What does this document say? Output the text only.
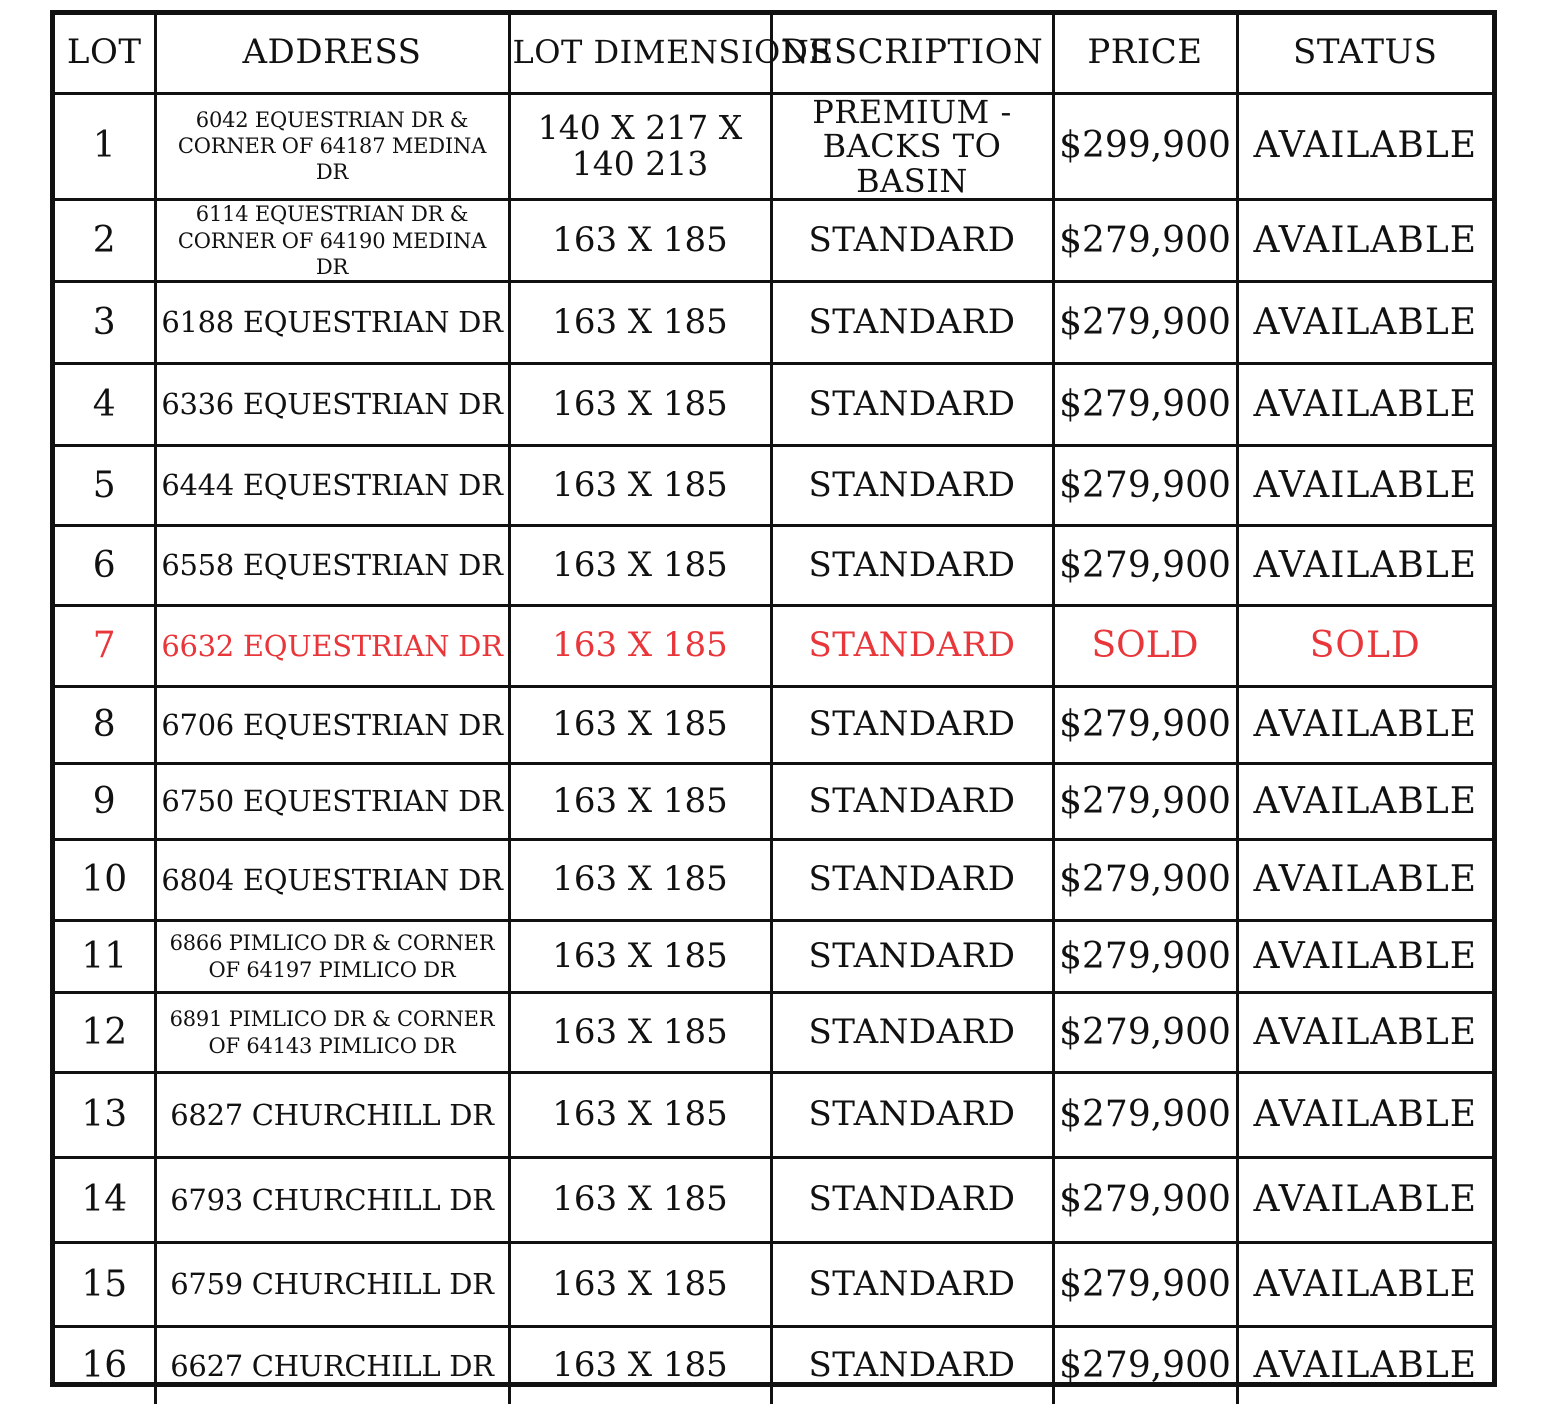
LOT	ADDRESS	LOT DIMENSIONS	DESCRIPTION	PRICE	STATUS
1	6042 EQUESTRIAN DR & CORNER OF 64187 MEDINA DR	140 X 217 X 140 213	PREMIUM - BACKS TO BASIN	$299,900	AVAILABLE
2	6114 EQUESTRIAN DR & CORNER OF 64190 MEDINA DR	163 X 185	STANDARD	$279,900	AVAILABLE
3	6188 EQUESTRIAN DR	163 X 185	STANDARD	$279,900	AVAILABLE
4	6336 EQUESTRIAN DR	163 X 185	STANDARD	$279,900	AVAILABLE
5	6444 EQUESTRIAN DR	163 X 185	STANDARD	$279,900	AVAILABLE
6	6558 EQUESTRIAN DR	163 X 185	STANDARD	$279,900	AVAILABLE
7	6632 EQUESTRIAN DR	163 X 185	STANDARD	SOLD	SOLD
8	6706 EQUESTRIAN DR	163 X 185	STANDARD	$279,900	AVAILABLE
9	6750 EQUESTRIAN DR	163 X 185	STANDARD	$279,900	AVAILABLE
10	6804 EQUESTRIAN DR	163 X 185	STANDARD	$279,900	AVAILABLE
11	6866 PIMLICO DR & CORNER OF 64197 PIMLICO DR	163 X 185	STANDARD	$279,900	AVAILABLE
12	6891 PIMLICO DR & CORNER OF 64143 PIMLICO DR	163 X 185	STANDARD	$279,900	AVAILABLE
13	6827 CHURCHILL DR	163 X 185	STANDARD	$279,900	AVAILABLE
14	6793 CHURCHILL DR	163 X 185	STANDARD	$279,900	AVAILABLE
15	6759 CHURCHILL DR	163 X 185	STANDARD	$279,900	AVAILABLE
16	6627 CHURCHILL DR	163 X 185	STANDARD	$279,900	AVAILABLE
